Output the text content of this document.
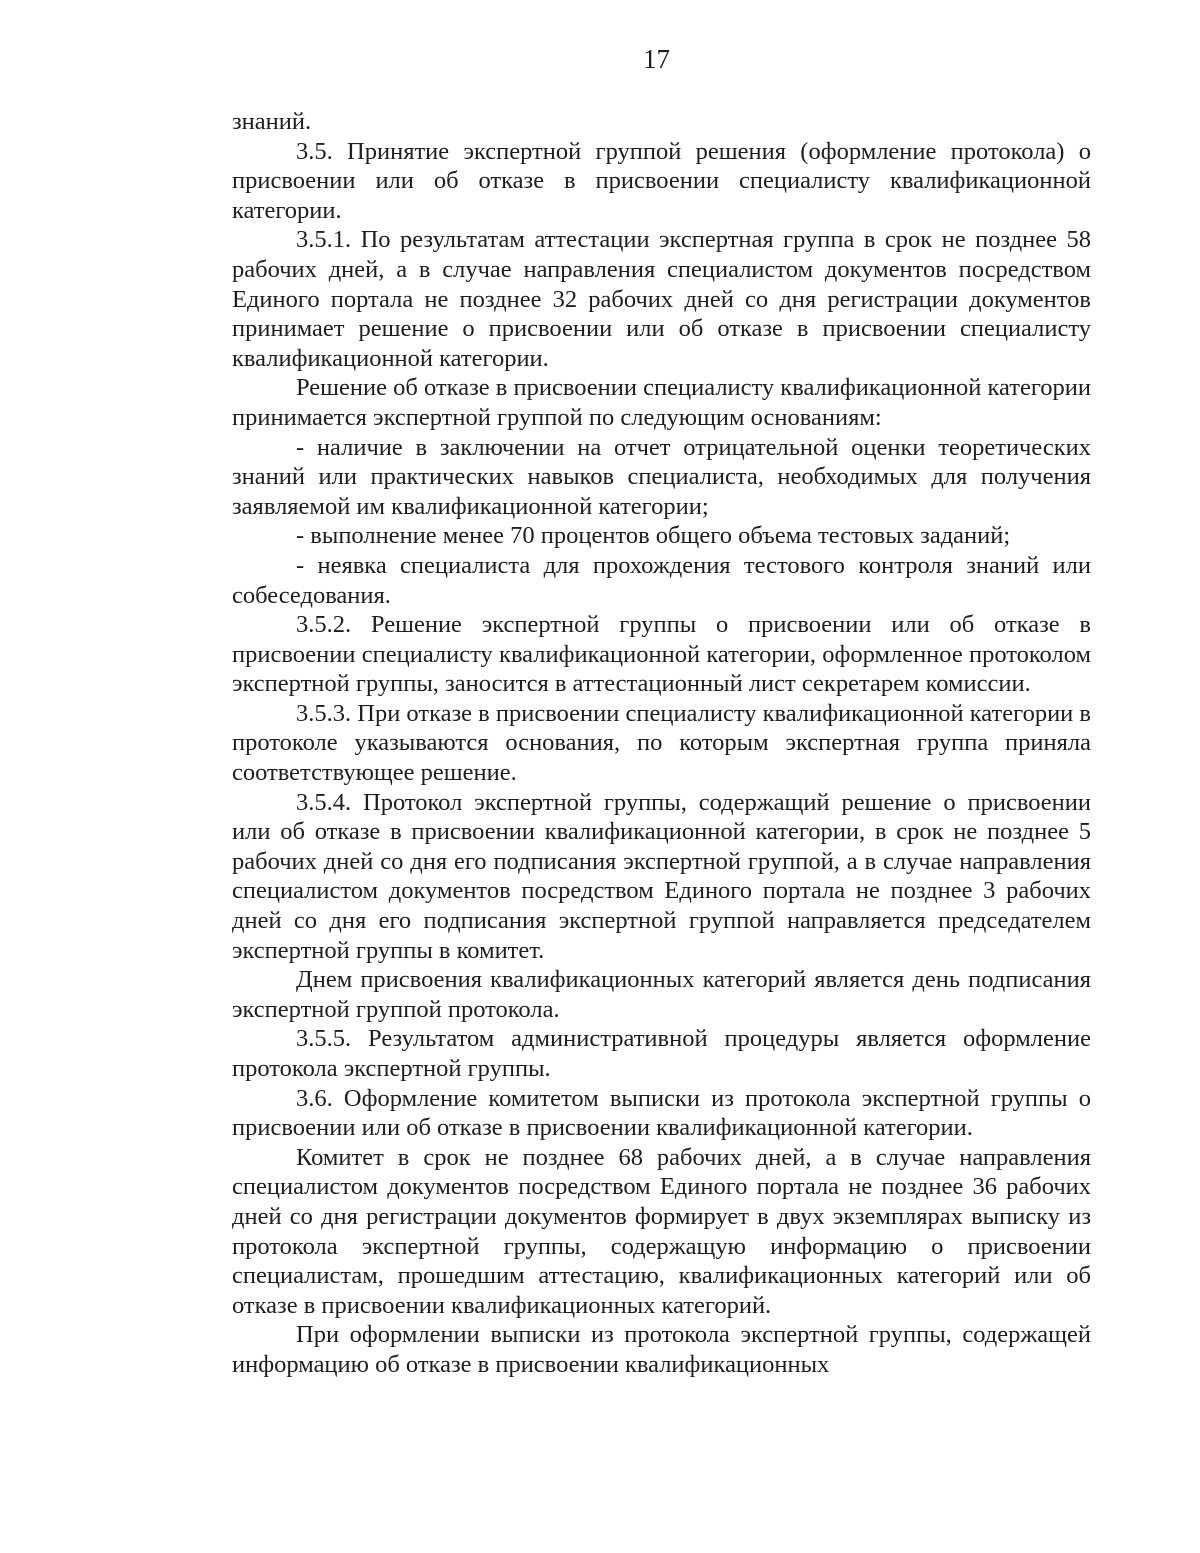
17

знаний.

3.5. Принятие экспертной группой решения (оформление протокола) о присвоении или об отказе в присвоении специалисту квалификационной категории.

3.5.1. По результатам аттестации экспертная группа в срок не позднее 58 рабочих дней, а в случае направления специалистом документов посредством Единого портала не позднее 32 рабочих дней со дня регистрации документов принимает решение о присвоении или об отказе в присвоении специалисту квалификационной категории.

Решение об отказе в присвоении специалисту квалификационной категории принимается экспертной группой по следующим основаниям:

- наличие в заключении на отчет отрицательной оценки теоретических знаний или практических навыков специалиста, необходимых для получения заявляемой им квалификационной категории;

- выполнение менее 70 процентов общего объема тестовых заданий;

- неявка специалиста для прохождения тестового контроля знаний или собеседования.

3.5.2. Решение экспертной группы о присвоении или об отказе в присвоении специалисту квалификационной категории, оформленное протоколом экспертной группы, заносится в аттестационный лист секретарем комиссии.

3.5.3. При отказе в присвоении специалисту квалификационной категории в протоколе указываются основания, по которым экспертная группа приняла соответствующее решение.

3.5.4. Протокол экспертной группы, содержащий решение о присвоении или об отказе в присвоении квалификационной категории, в срок не позднее 5 рабочих дней со дня его подписания экспертной группой, а в случае направления специалистом документов посредством Единого портала не позднее 3 рабочих дней со дня его подписания экспертной группой направляется председателем экспертной группы в комитет.

Днем присвоения квалификационных категорий является день подписания экспертной группой протокола.

3.5.5. Результатом административной процедуры является оформление протокола экспертной группы.

3.6. Оформление комитетом выписки из протокола экспертной группы о присвоении или об отказе в присвоении квалификационной категории.

Комитет в срок не позднее 68 рабочих дней, а в случае направления специалистом документов посредством Единого портала не позднее 36 рабочих дней со дня регистрации документов формирует в двух экземплярах выписку из протокола экспертной группы, содержащую информацию о присвоении специалистам, прошедшим аттестацию, квалификационных категорий или об отказе в присвоении квалификационных категорий.

При оформлении выписки из протокола экспертной группы, содержащей информацию об отказе в присвоении квалификационных
